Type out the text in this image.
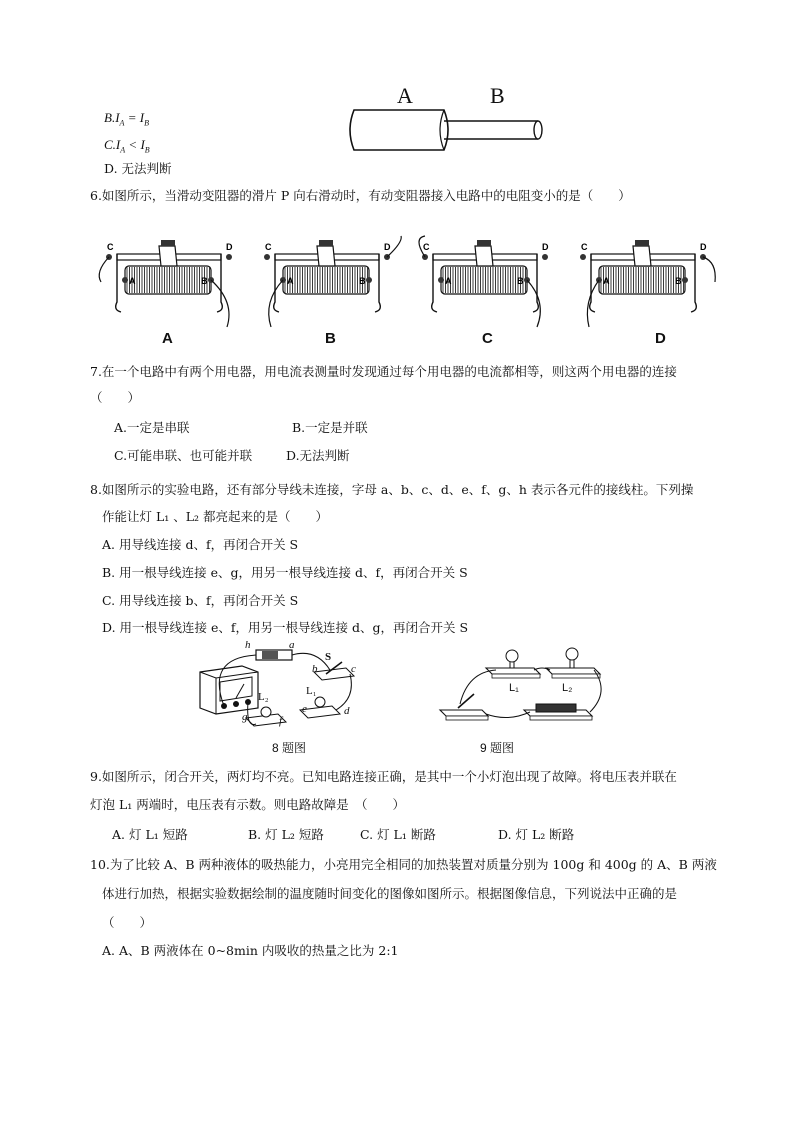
$B.I_A = I_B$
$C.I_A < I_B$
D. 无法判断
A	B
6.如图所示，当滑动变阻器的滑片 P 向右滑动时，有动变阻器接入电路中的电阻变小的是（　　）
C	D
A	B
C	D
A	B
C	D
A	B
C	D
A	B
A	B	C	D
7.在一个电路中有两个用电器，用电流表测量时发现通过每个用电器的电流都相等，则这两个用电器的连接
（　　）
A.一定是串联	B.一定是并联
C.可能串联、也可能并联	D.无法判断
8.如图所示的实验电路，还有部分导线未连接，字母 a、b、c、d、e、f、g、h 表示各元件的接线柱。下列操
作能让灯 L₁ 、L₂ 都亮起来的是（　　）
A. 用导线连接 d、f，再闭合开关 S
B. 用一根导线连接 e、g，用另一根导线连接 d、f，再闭合开关 S
C. 用导线连接 b、f，再闭合开关 S
D. 用一根导线连接 e、f，用另一根导线连接 d、g，再闭合开关 S
h	a
S
b	c
L₂	L₁
e	d
g	f
8 题图
L₁	L₂
9 题图
9.如图所示，闭合开关，两灯均不亮。已知电路连接正确，是其中一个小灯泡出现了故障。将电压表并联在
灯泡 L₁ 两端时，电压表有示数。则电路故障是　（　　）
A. 灯 L₁ 短路	B. 灯 L₂ 短路	C. 灯 L₁ 断路	D. 灯 L₂ 断路
10.为了比较 A、B 两种液体的吸热能力，小亮用完全相同的加热装置对质量分别为 100g 和 400g 的 A、B 两液
体进行加热，根据实验数据绘制的温度随时间变化的图像如图所示。根据图像信息，下列说法中正确的是
（　　）
A. A、B 两液体在 0~8min 内吸收的热量之比为 2:1
